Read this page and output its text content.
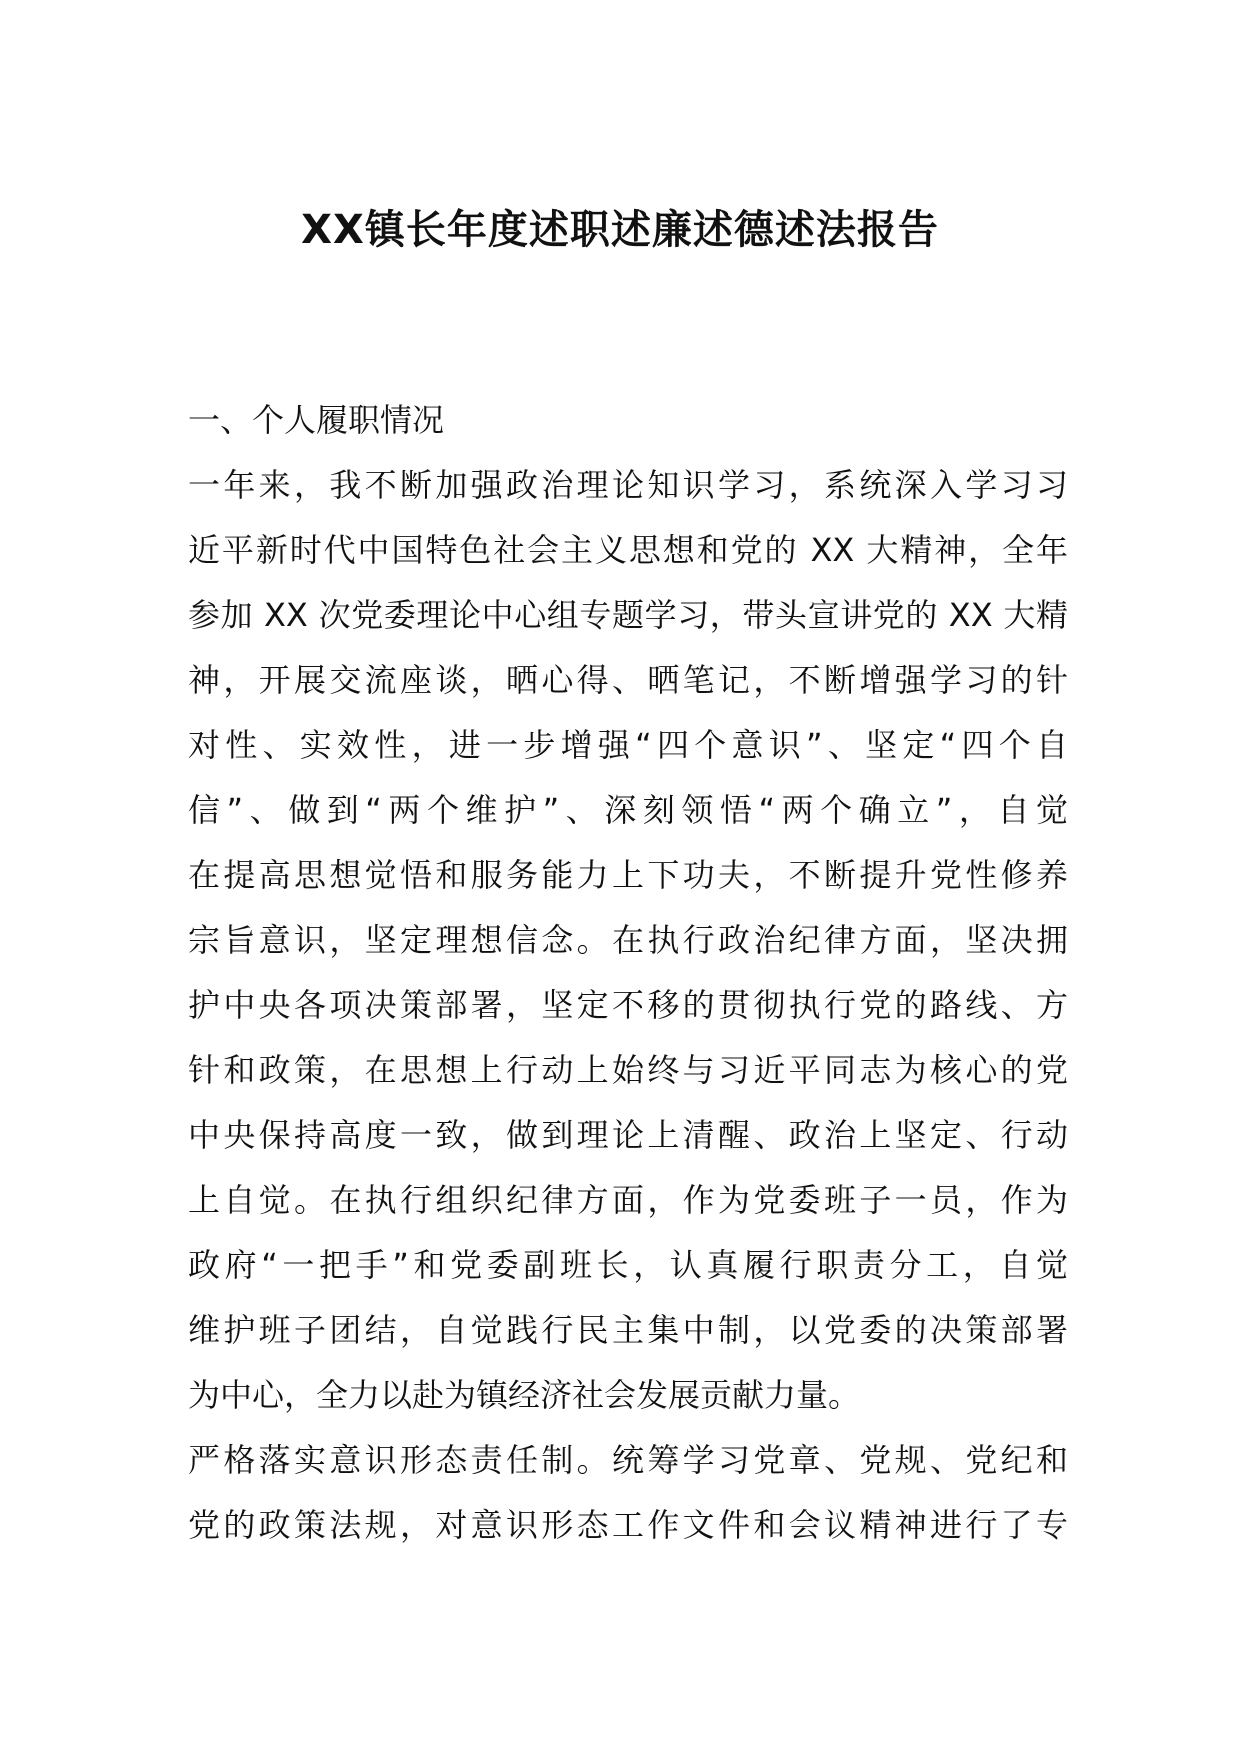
XX镇长年度述职述廉述德述法报告
一、个人履职情况
一年来，我不断加强政治理论知识学习，系统深入学习习
近平新时代中国特色社会主义思想和党的 XX 大精神，全年
参加 XX 次党委理论中心组专题学习，带头宣讲党的 XX 大精
神，开展交流座谈，晒心得、晒笔记，不断增强学习的针
对性、实效性，进一步增强“四个意识”、坚定“四个自
信”、做到“两个维护”、深刻领悟“两个确立”，自觉
在提高思想觉悟和服务能力上下功夫，不断提升党性修养
宗旨意识，坚定理想信念。在执行政治纪律方面，坚决拥
护中央各项决策部署，坚定不移的贯彻执行党的路线、方
针和政策，在思想上行动上始终与习近平同志为核心的党
中央保持高度一致，做到理论上清醒、政治上坚定、行动
上自觉。在执行组织纪律方面，作为党委班子一员，作为
政府“一把手”和党委副班长，认真履行职责分工，自觉
维护班子团结，自觉践行民主集中制，以党委的决策部署
为中心，全力以赴为镇经济社会发展贡献力量。
严格落实意识形态责任制。统筹学习党章、党规、党纪和
党的政策法规，对意识形态工作文件和会议精神进行了专
